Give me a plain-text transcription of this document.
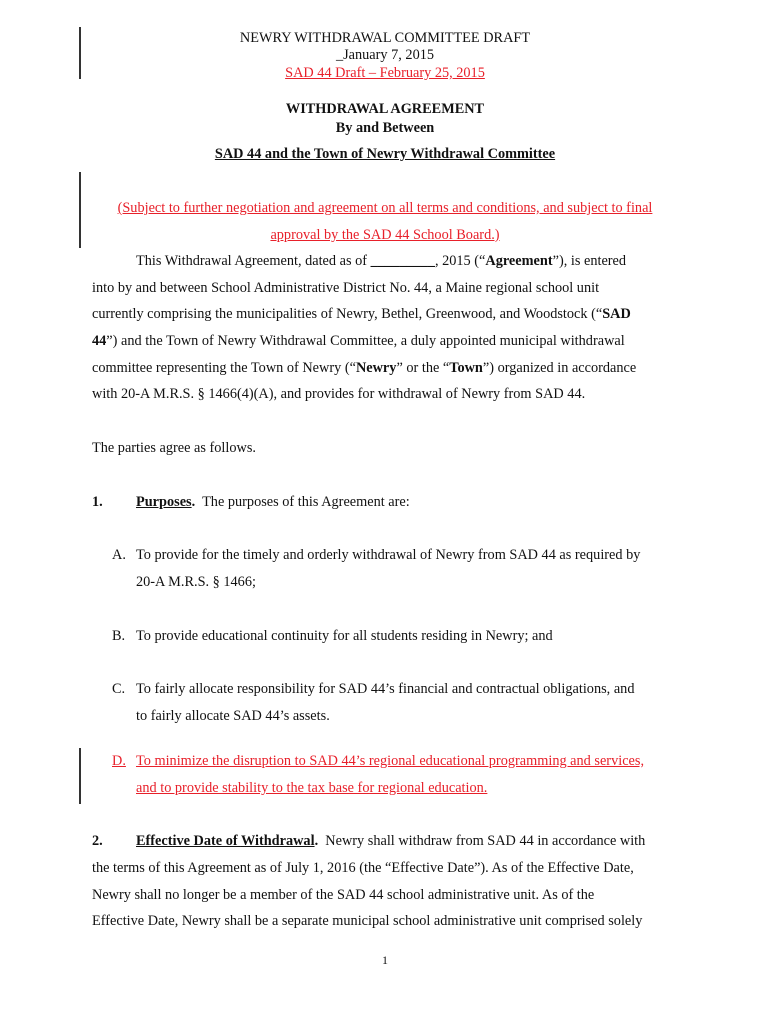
NEWRY WITHDRAWAL COMMITTEE DRAFT
_January 7, 2015
SAD 44 Draft – February 25, 2015
WITHDRAWAL AGREEMENT
By and Between
SAD 44 and the Town of Newry Withdrawal Committee
(Subject to further negotiation and agreement on all terms and conditions, and subject to final
approval by the SAD 44 School Board.)
This Withdrawal Agreement, dated as of _________, 2015 (“Agreement”), is entered
into by and between School Administrative District No. 44, a Maine regional school unit
currently comprising the municipalities of Newry, Bethel, Greenwood, and Woodstock (“SAD
44”) and the Town of Newry Withdrawal Committee, a duly appointed municipal withdrawal
committee representing the Town of Newry (“Newry” or the “Town”) organized in accordance
with 20-A M.R.S. § 1466(4)(A), and provides for withdrawal of Newry from SAD 44.
The parties agree as follows.
1. Purposes.  The purposes of this Agreement are:
A. To provide for the timely and orderly withdrawal of Newry from SAD 44 as required by
20-A M.R.S. § 1466;
B. To provide educational continuity for all students residing in Newry; and
C. To fairly allocate responsibility for SAD 44’s financial and contractual obligations, and
to fairly allocate SAD 44’s assets.
D. To minimize the disruption to SAD 44’s regional educational programming and services,
and to provide stability to the tax base for regional education.
2. Effective Date of Withdrawal.  Newry shall withdraw from SAD 44 in accordance with
the terms of this Agreement as of July 1, 2016 (the “Effective Date”). As of the Effective Date,
Newry shall no longer be a member of the SAD 44 school administrative unit. As of the
Effective Date, Newry shall be a separate municipal school administrative unit comprised solely
1
